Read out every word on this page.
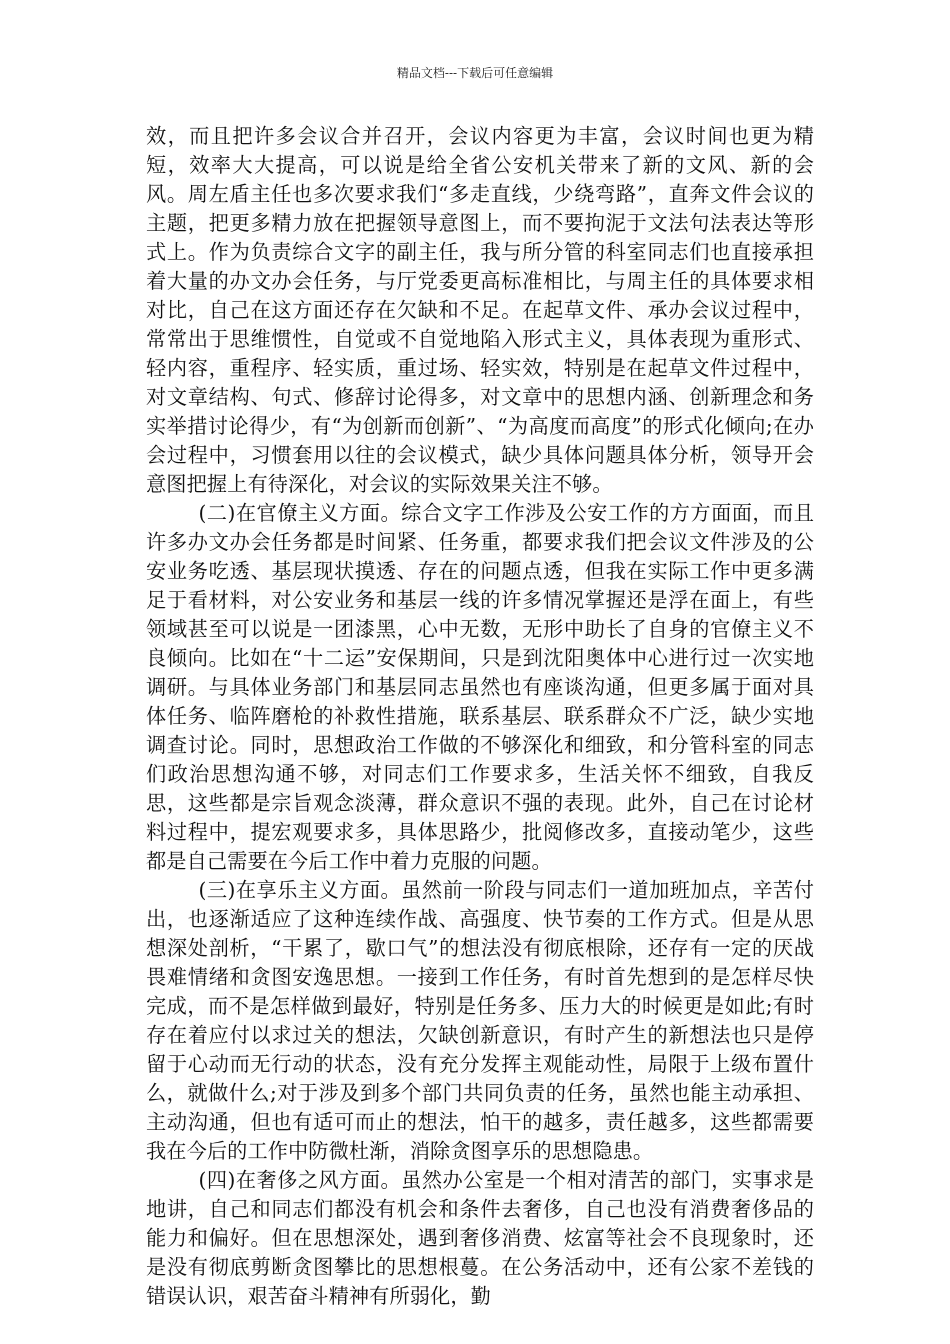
精品文档---下载后可任意编辑

效，而且把许多会议合并召开，会议内容更为丰富，会议时间也更为精短，效率大大提高，可以说是给全省公安机关带来了新的文风、新的会风。周左盾主任也多次要求我们“多走直线，少绕弯路”，直奔文件会议的主题，把更多精力放在把握领导意图上，而不要拘泥于文法句法表达等形式上。作为负责综合文字的副主任，我与所分管的科室同志们也直接承担着大量的办文办会任务，与厅党委更高标准相比，与周主任的具体要求相对比，自己在这方面还存在欠缺和不足。在起草文件、承办会议过程中，常常出于思维惯性，自觉或不自觉地陷入形式主义，具体表现为重形式、轻内容，重程序、轻实质，重过场、轻实效，特别是在起草文件过程中，对文章结构、句式、修辞讨论得多，对文章中的思想内涵、创新理念和务实举措讨论得少，有“为创新而创新”、“为高度而高度”的形式化倾向;在办会过程中，习惯套用以往的会议模式，缺少具体问题具体分析，领导开会意图把握上有待深化，对会议的实际效果关注不够。

(二)在官僚主义方面。综合文字工作涉及公安工作的方方面面，而且许多办文办会任务都是时间紧、任务重，都要求我们把会议文件涉及的公安业务吃透、基层现状摸透、存在的问题点透，但我在实际工作中更多满足于看材料，对公安业务和基层一线的许多情况掌握还是浮在面上，有些领域甚至可以说是一团漆黑，心中无数，无形中助长了自身的官僚主义不良倾向。比如在“十二运”安保期间，只是到沈阳奥体中心进行过一次实地调研。与具体业务部门和基层同志虽然也有座谈沟通，但更多属于面对具体任务、临阵磨枪的补救性措施，联系基层、联系群众不广泛，缺少实地调查讨论。同时，思想政治工作做的不够深化和细致，和分管科室的同志们政治思想沟通不够，对同志们工作要求多，生活关怀不细致，自我反思，这些都是宗旨观念淡薄，群众意识不强的表现。此外，自己在讨论材料过程中，提宏观要求多，具体思路少，批阅修改多，直接动笔少，这些都是自己需要在今后工作中着力克服的问题。

(三)在享乐主义方面。虽然前一阶段与同志们一道加班加点，辛苦付出，也逐渐适应了这种连续作战、高强度、快节奏的工作方式。但是从思想深处剖析，“干累了，歇口气”的想法没有彻底根除，还存有一定的厌战畏难情绪和贪图安逸思想。一接到工作任务，有时首先想到的是怎样尽快完成，而不是怎样做到最好，特别是任务多、压力大的时候更是如此;有时存在着应付以求过关的想法，欠缺创新意识，有时产生的新想法也只是停留于心动而无行动的状态，没有充分发挥主观能动性，局限于上级布置什么，就做什么;对于涉及到多个部门共同负责的任务，虽然也能主动承担、主动沟通，但也有适可而止的想法，怕干的越多，责任越多，这些都需要我在今后的工作中防微杜渐，消除贪图享乐的思想隐患。

(四)在奢侈之风方面。虽然办公室是一个相对清苦的部门，实事求是地讲，自己和同志们都没有机会和条件去奢侈，自己也没有消费奢侈品的能力和偏好。但在思想深处，遇到奢侈消费、炫富等社会不良现象时，还是没有彻底剪断贪图攀比的思想根蔓。在公务活动中，还有公家不差钱的错误认识，艰苦奋斗精神有所弱化，勤
